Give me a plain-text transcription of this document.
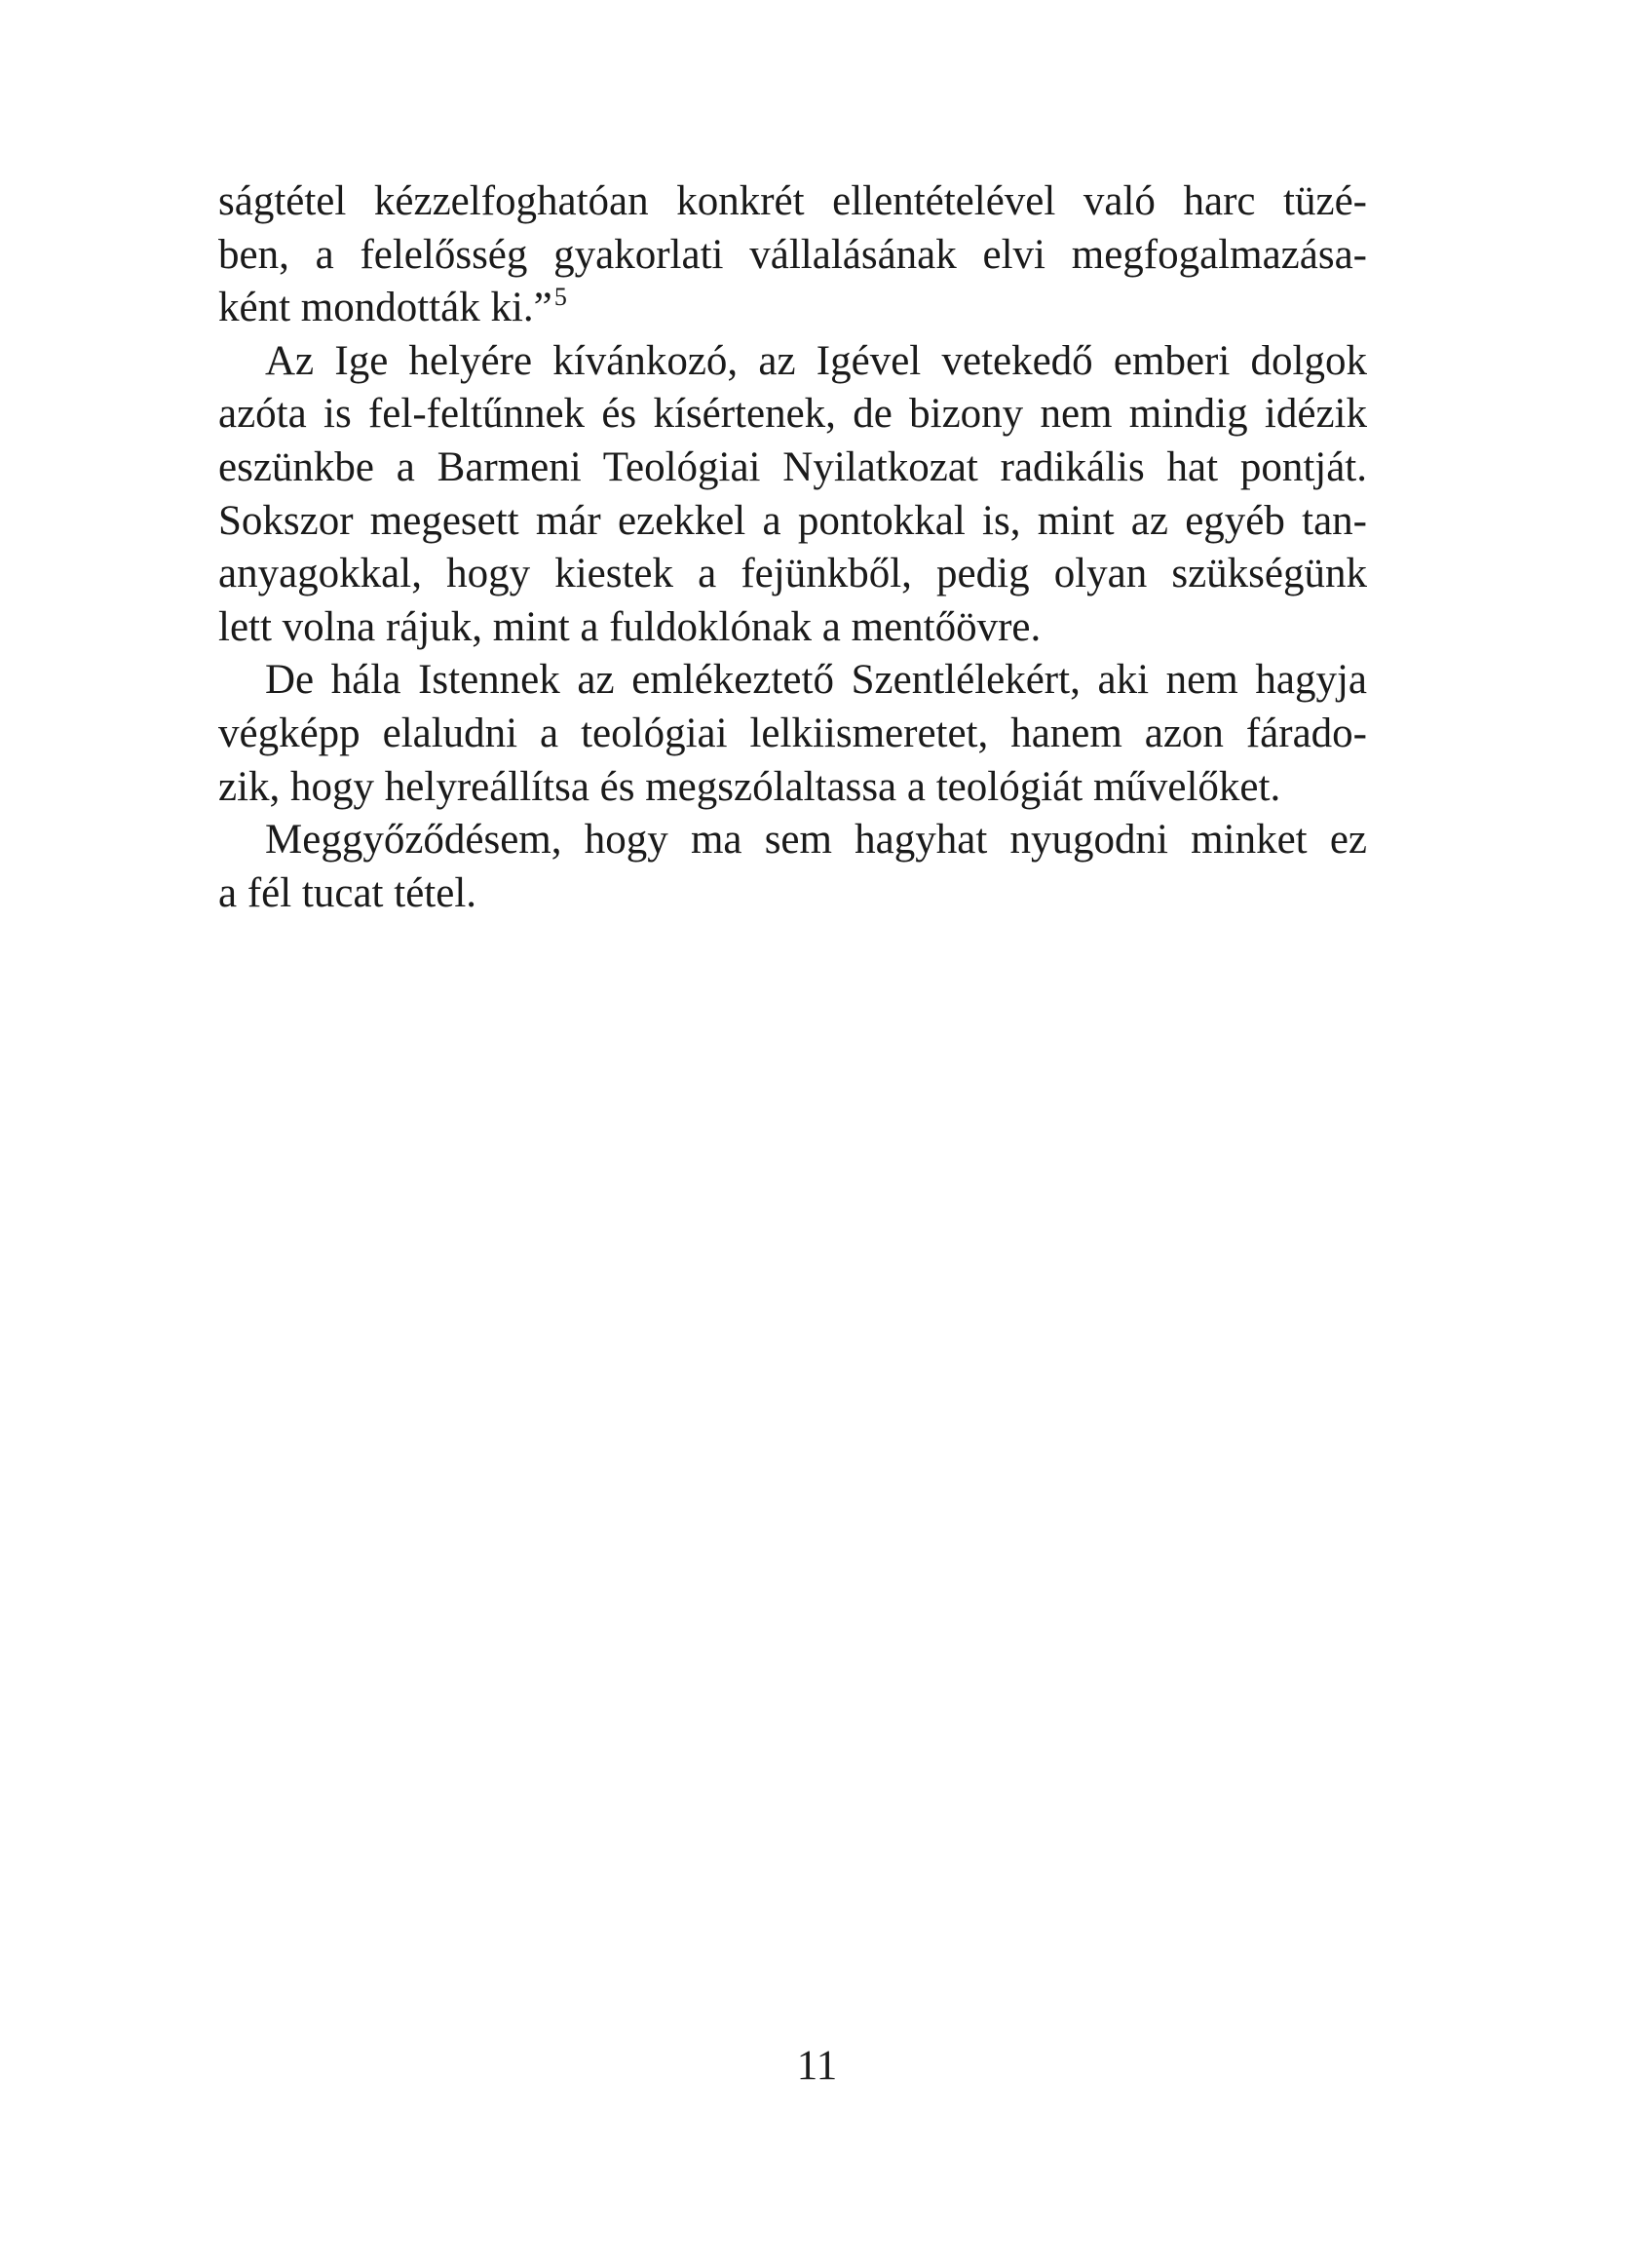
ságtétel kézzelfoghatóan konkrét ellentételével való harc tüzé-
ben, a felelősség gyakorlati vállalásának elvi megfogalmazása-
ként mondották ki.” $^5$
Az Ige helyére kívánkozó, az Igével vetekedő emberi dolgok
azóta is fel-feltűnnek és kísértenek, de bizony nem mindig idézik
eszünkbe a Barmeni Teológiai Nyilatkozat radikális hat pontját.
Sokszor megesett már ezekkel a pontokkal is, mint az egyéb tan-
anyagokkal, hogy kiestek a fejünkből, pedig olyan szükségünk
lett volna rájuk, mint a fuldoklónak a mentőövre.
De hála Istennek az emlékeztető Szentlélekért, aki nem hagyja
végképp elaludni a teológiai lelkiismeretet, hanem azon fárado-
zik, hogy helyreállítsa és megszólaltassa a teológiát művelőket.
Meggyőződésem, hogy ma sem hagyhat nyugodni minket ez
a fél tucat tétel.
11
